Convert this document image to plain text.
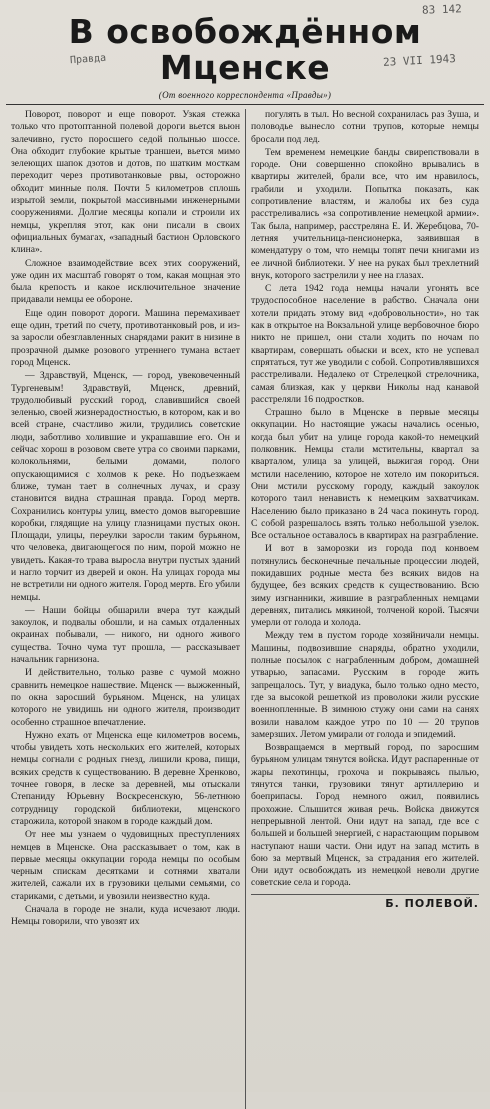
83 142
В освобождённом Мценске
Правда	23 VII 1943
(От военного корреспондента «Правды»)

Поворот, поворот и еще поворот. Узкая стежка только что протоптанной полевой дороги вьется вьюн залечивно, густо поросшего седой полынью шоссе. Она обходит глубокие крытые траншеи, вьется мимо зелеющих шапок дзотов и дотов, по шатким мосткам переходит через противотанковые рвы, осторожно обходит минные поля. Почти 5 километров сплошь изрытой земли, покрытой массивными инженерными сооружениями. Долгие месяцы копали и строили их немцы, укрепляя этот, как они писали в своих официальных бумагах, «западный бастион Орловского клина».

Сложное взаимодействие всех этих сооружений, уже один их масштаб говорят о том, какая мощная это была крепость и какое исключительное значение придавали немцы ее обороне.

Еще один поворот дороги. Машина перемахивает еще один, третий по счету, противотанковый ров, и из-за заросли обезглавленных снарядами ракит в низине в прозрачной дымке розового утреннего тумана встает город Мценск.

— Здравствуй, Мценск, — город, увековеченный Тургеневым! Здравствуй, Мценск, древний, трудолюбивый русский город, славившийся своей зеленью, своей жизнерадостностью, в котором, как и во всей стране, счастливо жили, трудились советские люди, заботливо холившие и украшавшие его. Он и сейчас хорош в розовом свете утра со своими парками, колокольнями, белыми домами, полого опускающимися с холмов к реке. Но подъезжаем ближе, туман тает в солнечных лучах, и сразу становится видна страшная правда. Город мертв. Сохранились контуры улиц, вместо домов выгоревшие коробки, глядящие на улицу глазницами пустых окон. Площади, улицы, переулки заросли таким бурьяном, что человека, двигающегося по ним, порой можно не увидеть. Какая-то трава выросла внутри пустых зданий и нагло торчит из дверей и окон. На улицах города мы не встретили ни одного жителя. Город мертв. Его убили немцы.

— Наши бойцы обшарили вчера тут каждый закоулок, и подвалы обошли, и на самых отдаленных окраинах побывали, — никого, ни одного живого существа. Точно чума тут прошла, — рассказывает начальник гарнизона.

И действительно, только разве с чумой можно сравнить немецкое нашествие. Мценск — выжженный, по окна заросший бурьяном. Мценск, на улицах которого не увидишь ни одного жителя, производит особенно страшное впечатление.

Нужно ехать от Мценска еще километров восемь, чтобы увидеть хоть нескольких его жителей, которых немцы согнали с родных гнезд, лишили крова, пищи, всяких средств к существованию. В деревне Хренково, точнее говоря, в леске за деревней, мы отыскали Степаниду Юрьевну Воскресенскую, 56-летнюю сотрудницу городской библиотеки, мценского старожила, которой знаком в городе каждый дом.

От нее мы узнаем о чудовищных преступлениях немцев в Мценске. Она рассказывает о том, как в первые месяцы оккупации города немцы по особым черным спискам десятками и сотнями хватали жителей, сажали их в грузовики целыми семьями, со стариками, с детьми, и увозили неизвестно куда.

Сначала в городе не знали, куда исчезают люди. Немцы говорили, что увозят их

погулять в тыл. Но весной сохранилась раз Зуша, и половодье вынесло сотни трупов, которые немцы бросали под лед.

Тем временем немецкие банды свирепствовали в городе. Они совершенно спокойно врывались в квартиры жителей, брали все, что им нравилось, грабили и уходили. Попытка показать, как сопротивление властям, и жалобы их без суда расстреливались «за сопротивление немецкой армии». Так была, например, расстреляна Е. И. Жеребцова, 70-летняя учительница-пенсионерка, заявившая в комендатуру о том, что немцы топят печи книгами из ее личной библиотеки. У нее на руках был трехлетний внук, которого застрелили у нее на глазах.

С лета 1942 года немцы начали угонять все трудоспособное население в рабство. Сначала они хотели придать этому вид «добровольности», но так как в открытое на Вокзальной улице вербовочное бюро никто не пришел, они стали ходить по ночам по квартирам, совершать обыски и всех, кто не успевал спрятаться, тут же уводили с собой. Сопротивлявшихся расстреливали. Недалеко от Стрелецкой стрелочника, самая близкая, как у церкви Николы над канавой расстреляли 16 подростков.

Страшно было в Мценске в первые месяцы оккупации. Но настоящие ужасы начались осенью, когда был убит на улице города какой-то немецкий полковник. Немцы стали мстительны, квартал за кварталом, улица за улицей, выжигая город. Они мстили населению, которое не хотело им покориться. Они мстили русскому городу, каждый закоулок которого таил ненависть к немецким захватчикам. Населению было приказано в 24 часа покинуть город. С собой разрешалось взять только небольшой узелок. Все остальное оставалось в квартирах на разграбление.

И вот в заморозки из города под конвоем потянулись бесконечные печальные процессии людей, покидавших родные места без всяких видов на будущее, без всяких средств к существованию. Всю зиму изгнанники, жившие в разграбленных немцами деревнях, питались мякиной, толченой корой. Тысячи умерли от голода и холода.

Между тем в пустом городе хозяйничали немцы. Машины, подвозившие снаряды, обратно уходили, полные посылок с награбленным добром, домашней утварью, запасами. Русским в городе жить запрещалось. Тут, у виадука, было только одно место, где за высокой решеткой из проволоки жили русские военнопленные. В зимнюю стужу они сами на санях возили навалом каждое утро по 10 — 20 трупов замерзших. Летом умирали от голода и эпидемий.

Возвращаемся в мертвый город, по заросшим бурьяном улицам тянутся войска. Идут распаренные от жары пехотинцы, грохоча и покрываясь пылью, тянутся танки, грузовики тянут артиллерию и боеприпасы. Город немного ожил, появились прохожие. Слышится живая речь. Войска движутся непрерывной лентой. Они идут на запад, где все с большей и большей энергией, с нарастающим порывом наступают наши части. Они идут на запад мстить в бою за мертвый Мценск, за страдания его жителей. Они идут освобождать из немецкой неволи другие советские села и города.

Б. ПОЛЕВОЙ.
